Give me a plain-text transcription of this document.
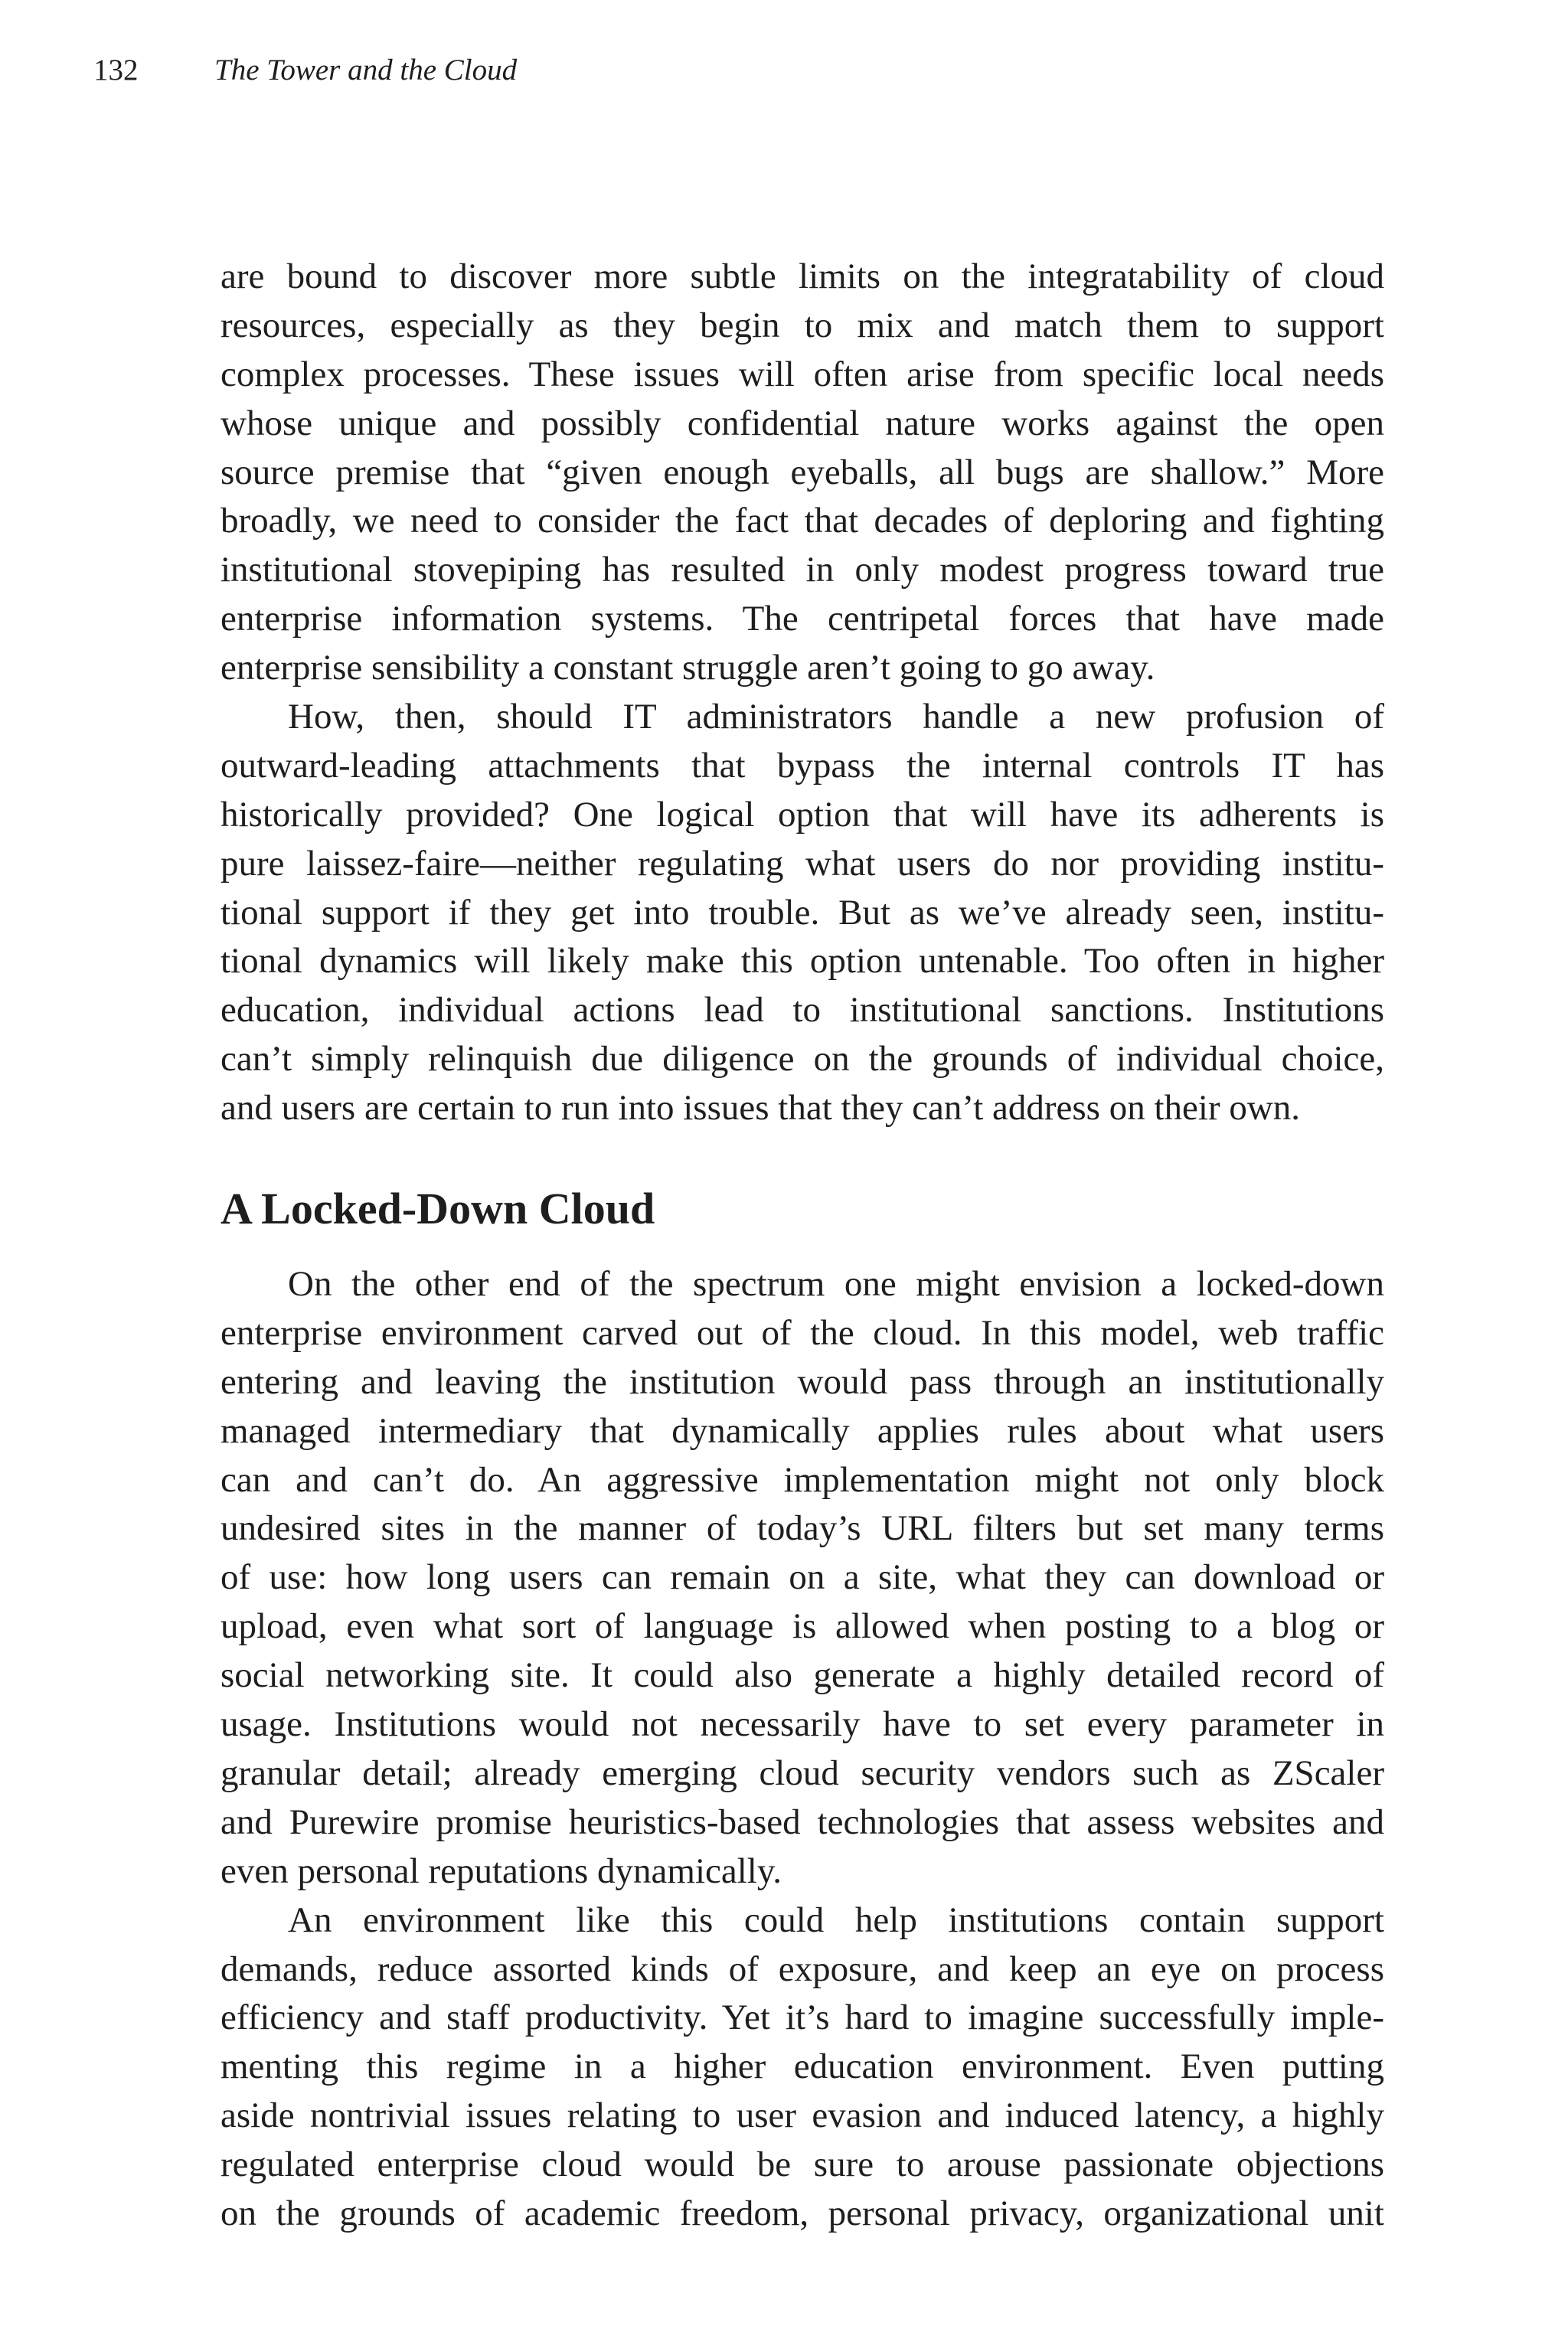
132	The Tower and the Cloud
are bound to discover more subtle limits on the integratability of cloud
resources, especially as they begin to mix and match them to support
complex processes. These issues will often arise from specific local needs
whose unique and possibly confidential nature works against the open
source premise that “given enough eyeballs, all bugs are shallow.” More
broadly, we need to consider the fact that decades of deploring and fighting
institutional stovepiping has resulted in only modest progress toward true
enterprise information systems. The centripetal forces that have made
enterprise sensibility a constant struggle aren’t going to go away.
How, then, should IT administrators handle a new profusion of
outward-leading attachments that bypass the internal controls IT has
historically provided? One logical option that will have its adherents is
pure laissez-faire—neither regulating what users do nor providing institu-
tional support if they get into trouble. But as we’ve already seen, institu-
tional dynamics will likely make this option untenable. Too often in higher
education, individual actions lead to institutional sanctions. Institutions
can’t simply relinquish due diligence on the grounds of individual choice,
and users are certain to run into issues that they can’t address on their own.
A Locked-Down Cloud
On the other end of the spectrum one might envision a locked-down
enterprise environment carved out of the cloud. In this model, web traffic
entering and leaving the institution would pass through an institutionally
managed intermediary that dynamically applies rules about what users
can and can’t do. An aggressive implementation might not only block
undesired sites in the manner of today’s URL filters but set many terms
of use: how long users can remain on a site, what they can download or
upload, even what sort of language is allowed when posting to a blog or
social networking site. It could also generate a highly detailed record of
usage. Institutions would not necessarily have to set every parameter in
granular detail; already emerging cloud security vendors such as ZScaler
and Purewire promise heuristics-based technologies that assess websites and
even personal reputations dynamically.
An environment like this could help institutions contain support
demands, reduce assorted kinds of exposure, and keep an eye on process
efficiency and staff productivity. Yet it’s hard to imagine successfully imple-
menting this regime in a higher education environment. Even putting
aside nontrivial issues relating to user evasion and induced latency, a highly
regulated enterprise cloud would be sure to arouse passionate objections
on the grounds of academic freedom, personal privacy, organizational unit
